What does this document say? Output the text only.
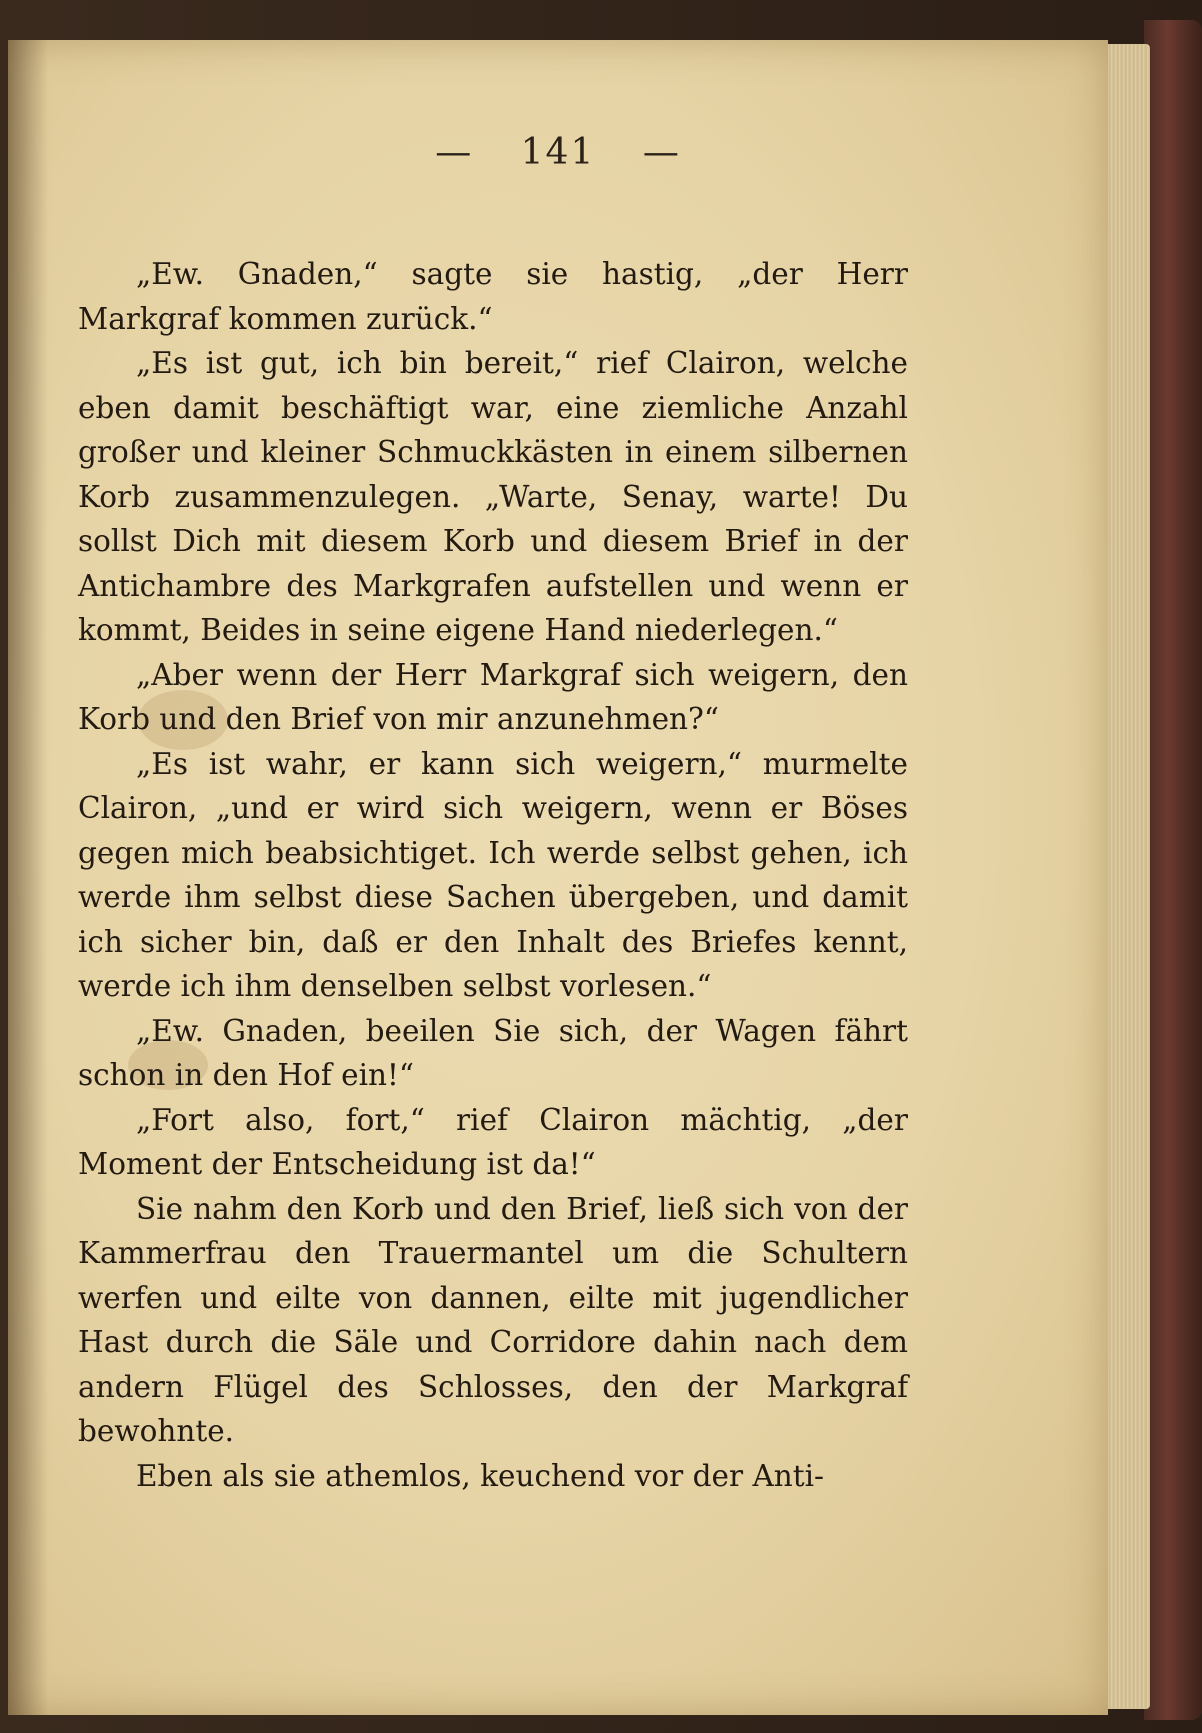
— 141 —

„Ew. Gnaden,“ sagte sie hastig, „der Herr Markgraf kommen zurück.“

„Es ist gut, ich bin bereit,“ rief Clairon, welche eben damit beschäftigt war, eine ziemliche Anzahl großer und kleiner Schmuckkästen in einem silbernen Korb zusammenzulegen. „Warte, Senay, warte! Du sollst Dich mit diesem Korb und diesem Brief in der Antichambre des Markgrafen aufstellen und wenn er kommt, Beides in seine eigene Hand niederlegen.“

„Aber wenn der Herr Markgraf sich weigern, den Korb und den Brief von mir anzunehmen?“

„Es ist wahr, er kann sich weigern,“ murmelte Clairon, „und er wird sich weigern, wenn er Böses gegen mich beabsichtiget. Ich werde selbst gehen, ich werde ihm selbst diese Sachen übergeben, und damit ich sicher bin, daß er den Inhalt des Briefes kennt, werde ich ihm denselben selbst vorlesen.“

„Ew. Gnaden, beeilen Sie sich, der Wagen fährt schon in den Hof ein!“

„Fort also, fort,“ rief Clairon mächtig, „der Moment der Entscheidung ist da!“

Sie nahm den Korb und den Brief, ließ sich von der Kammerfrau den Trauermantel um die Schultern werfen und eilte von dannen, eilte mit jugendlicher Hast durch die Säle und Corridore dahin nach dem andern Flügel des Schlosses, den der Markgraf bewohnte.

Eben als sie athemlos, keuchend vor der Anti-
